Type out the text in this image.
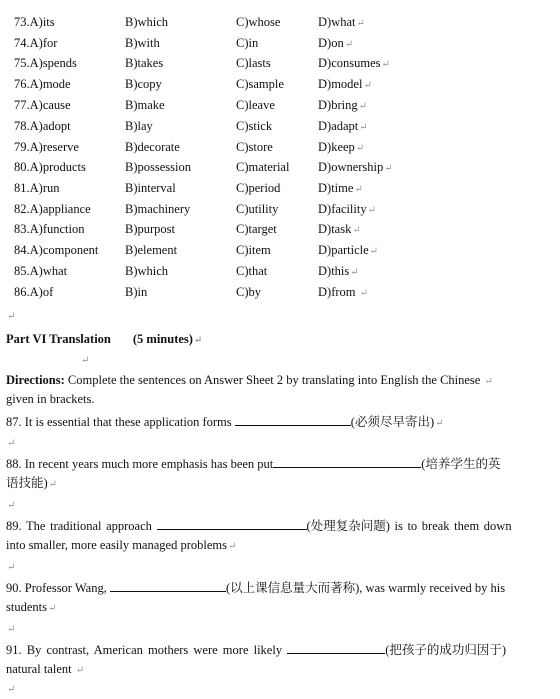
73.A)its	B)which	C)whose	D)what↵
74.A)for	B)with	C)in	D)on↵
75.A)spends	B)takes	C)lasts	D)consumes↵
76.A)mode	B)copy	C)sample	D)model↵
77.A)cause	B)make	C)leave	D)bring↵
78.A)adopt	B)lay	C)stick	D)adapt↵
79.A)reserve	B)decorate	C)store	D)keep↵
80.A)products	B)possession	C)material D)ownership↵
81.A)run	B)interval	C)period	D)time↵
82.A)appliance	B)machinery	C)utility	D)facility↵
83.A)function	B)purpost	C)target	D)task↵
84.A)component B)element	C)item	D)particle↵
85.A)what	B)which	C)that	D)this↵
86.A)of	B)in	C)by	D)from ↵
↵
Part VI Translation (5 minutes)↵
↵
Directions: Complete the sentences on Answer Sheet 2 by translating into English the Chinese ↵
given in brackets.
87. It is essential that these application forms	(必须尽早寄出)↵
↵
88. In recent years much more emphasis has been put	(培养学生的英
语技能)↵
↵
89. The traditional approach	(处理复杂问题) is to break them down
into smaller, more easily managed problems↵
↵
90. Professor Wang,	(以上课信息量大而著称), was warmly received by his
students↵
↵
91. By contrast, American mothers were more likely	(把孩子的成功归因于)
natural talent ↵
↵
